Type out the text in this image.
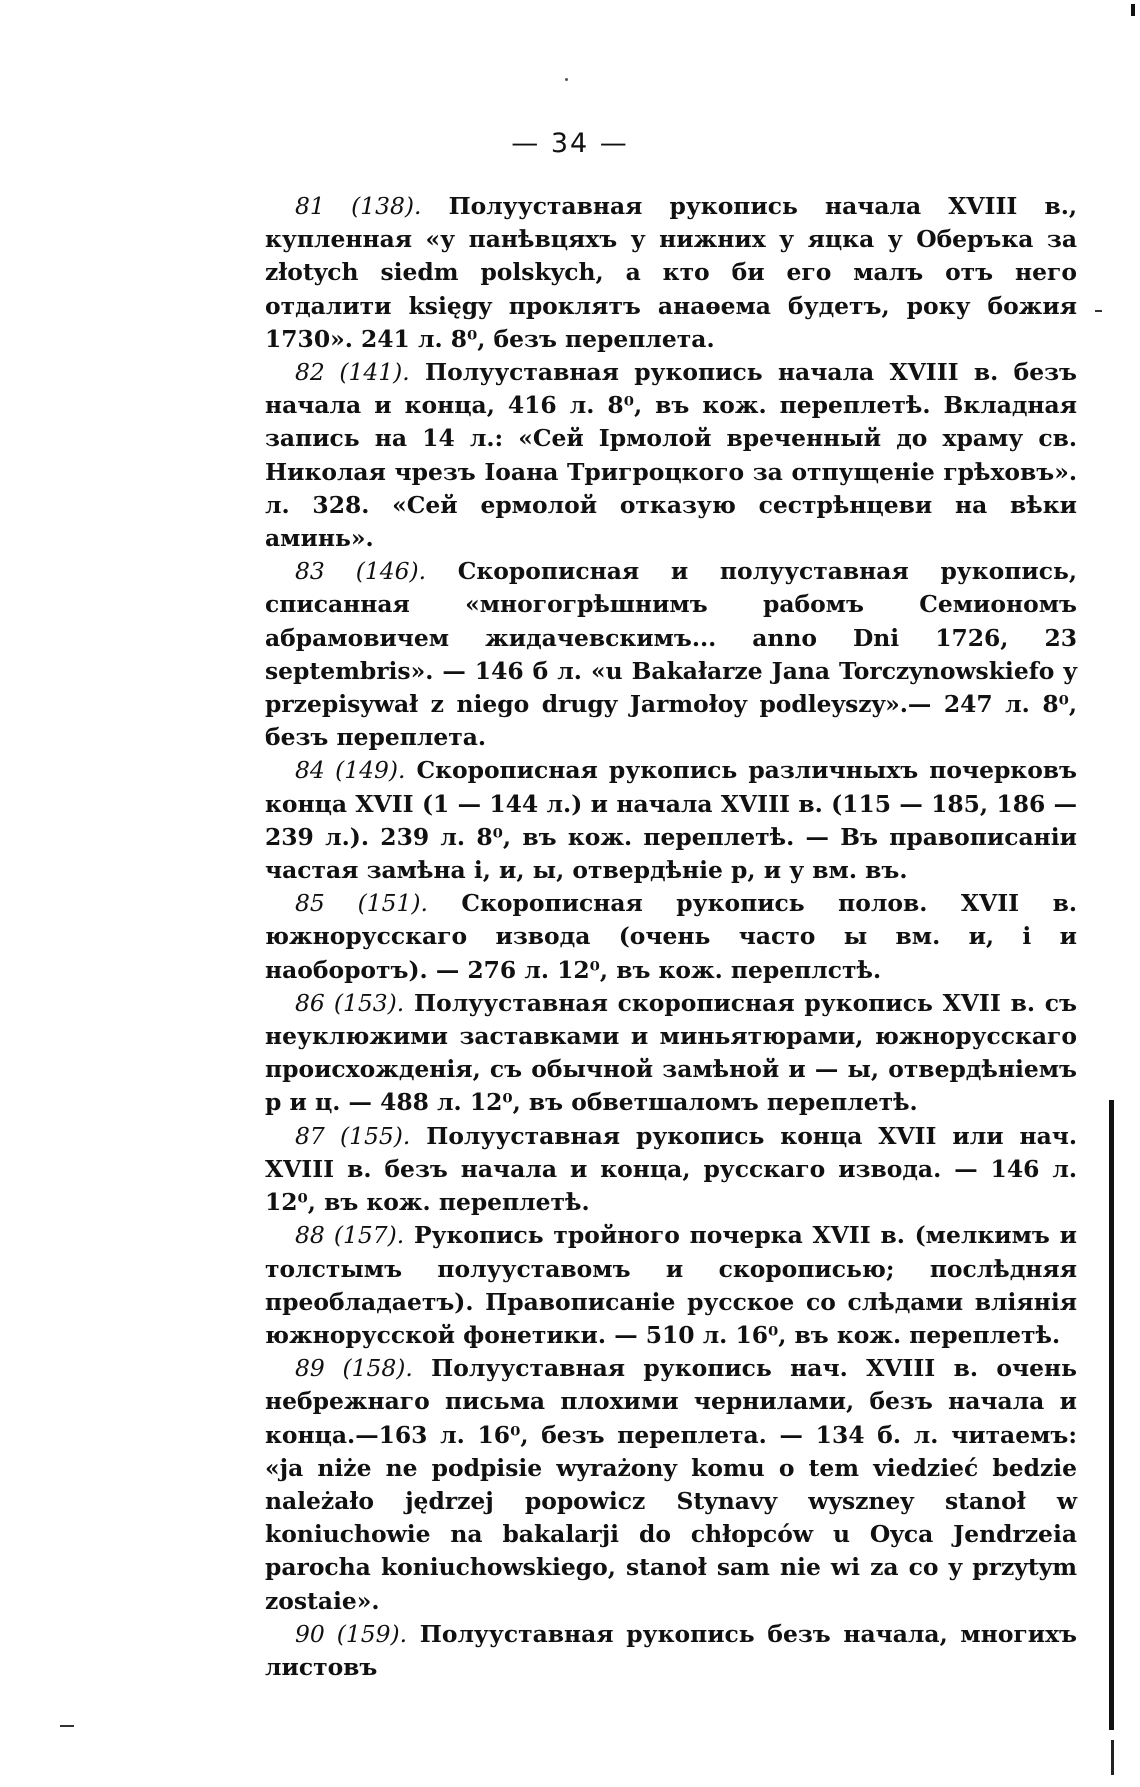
— 34 —

81 (138). Полууставная рукопись начала XVIII в., купленная «у панѣвцяхъ у нижних у яцка у Оберъка за złotych siedm polskych, а кто би его малъ отъ него отдалити księgy проклятъ анаѳема будетъ, року божия 1730». 241 л. 8⁰, безъ переплета.

82 (141). Полууставная рукопись начала XVIII в. безъ начала и конца, 416 л. 8⁰, въ кож. переплетѣ. Вкладная запись на 14 л.: «Сей Ірмолой вреченный до храму св. Николая чрезъ Іоана Тригроцкого за отпущеніе грѣховъ». л. 328. «Сей ермолой отказую сестрѣнцеви на вѣки аминь».

83 (146). Скорописная и полууставная рукопись, списанная «многогрѣшнимъ рабомъ Семиономъ абрамовичем жидачевскимъ... anno Dni 1726, 23 septembris». — 146 б л. «u Bakałarze Jana Torczynowskiefo y przepisywał z niego drugy Jarmołoy podleyszy».— 247 л. 8⁰, безъ переплета.

84 (149). Скорописная рукопись различныхъ почерковъ конца XVII (1 — 144 л.) и начала XVIII в. (115 — 185, 186 — 239 л.). 239 л. 8⁰, въ кож. переплетѣ. — Въ правописаніи частая замѣна і, и, ы, отвердѣніе р, и у вм. въ.

85 (151). Скорописная рукопись полов. XVII в. южнорусскаго извода (очень часто ы вм. и, і и наоборотъ). — 276 л. 12⁰, въ кож. переплстѣ.

86 (153). Полууставная скорописная рукопись XVII в. съ неуклюжими заставками и миньятюрами, южнорусскаго происхожденія, съ обычной замѣной и — ы, отвердѣніемъ р и ц. — 488 л. 12⁰, въ обветшаломъ переплетѣ.

87 (155). Полууставная рукопись конца XVII или нач. XVIII в. безъ начала и конца, русскаго извода. — 146 л. 12⁰, въ кож. переплетѣ.

88 (157). Рукопись тройного почерка XVII в. (мелкимъ и толстымъ полууставомъ и скорописью; послѣдняя преобладаетъ). Правописаніе русское со слѣдами вліянія южнорусской фонетики. — 510 л. 16⁰, въ кож. переплетѣ.

89 (158). Полууставная рукопись нач. XVIII в. очень небрежнаго письма плохими чернилами, безъ начала и конца.—163 л. 16⁰, безъ переплета. — 134 б. л. читаемъ: «ja niże ne podpisie wyrażony komu o tem viedzieć bedzie należało jędrzej popowicz Stynavy wyszney stanoł w koniuchowie na bakalarji do chłopców u Oyca Jendrzeia parocha koniuchowskiego, stanoł sam nie wi za co y przytym zostaie».

90 (159). Полууставная рукопись безъ начала, многихъ листовъ
